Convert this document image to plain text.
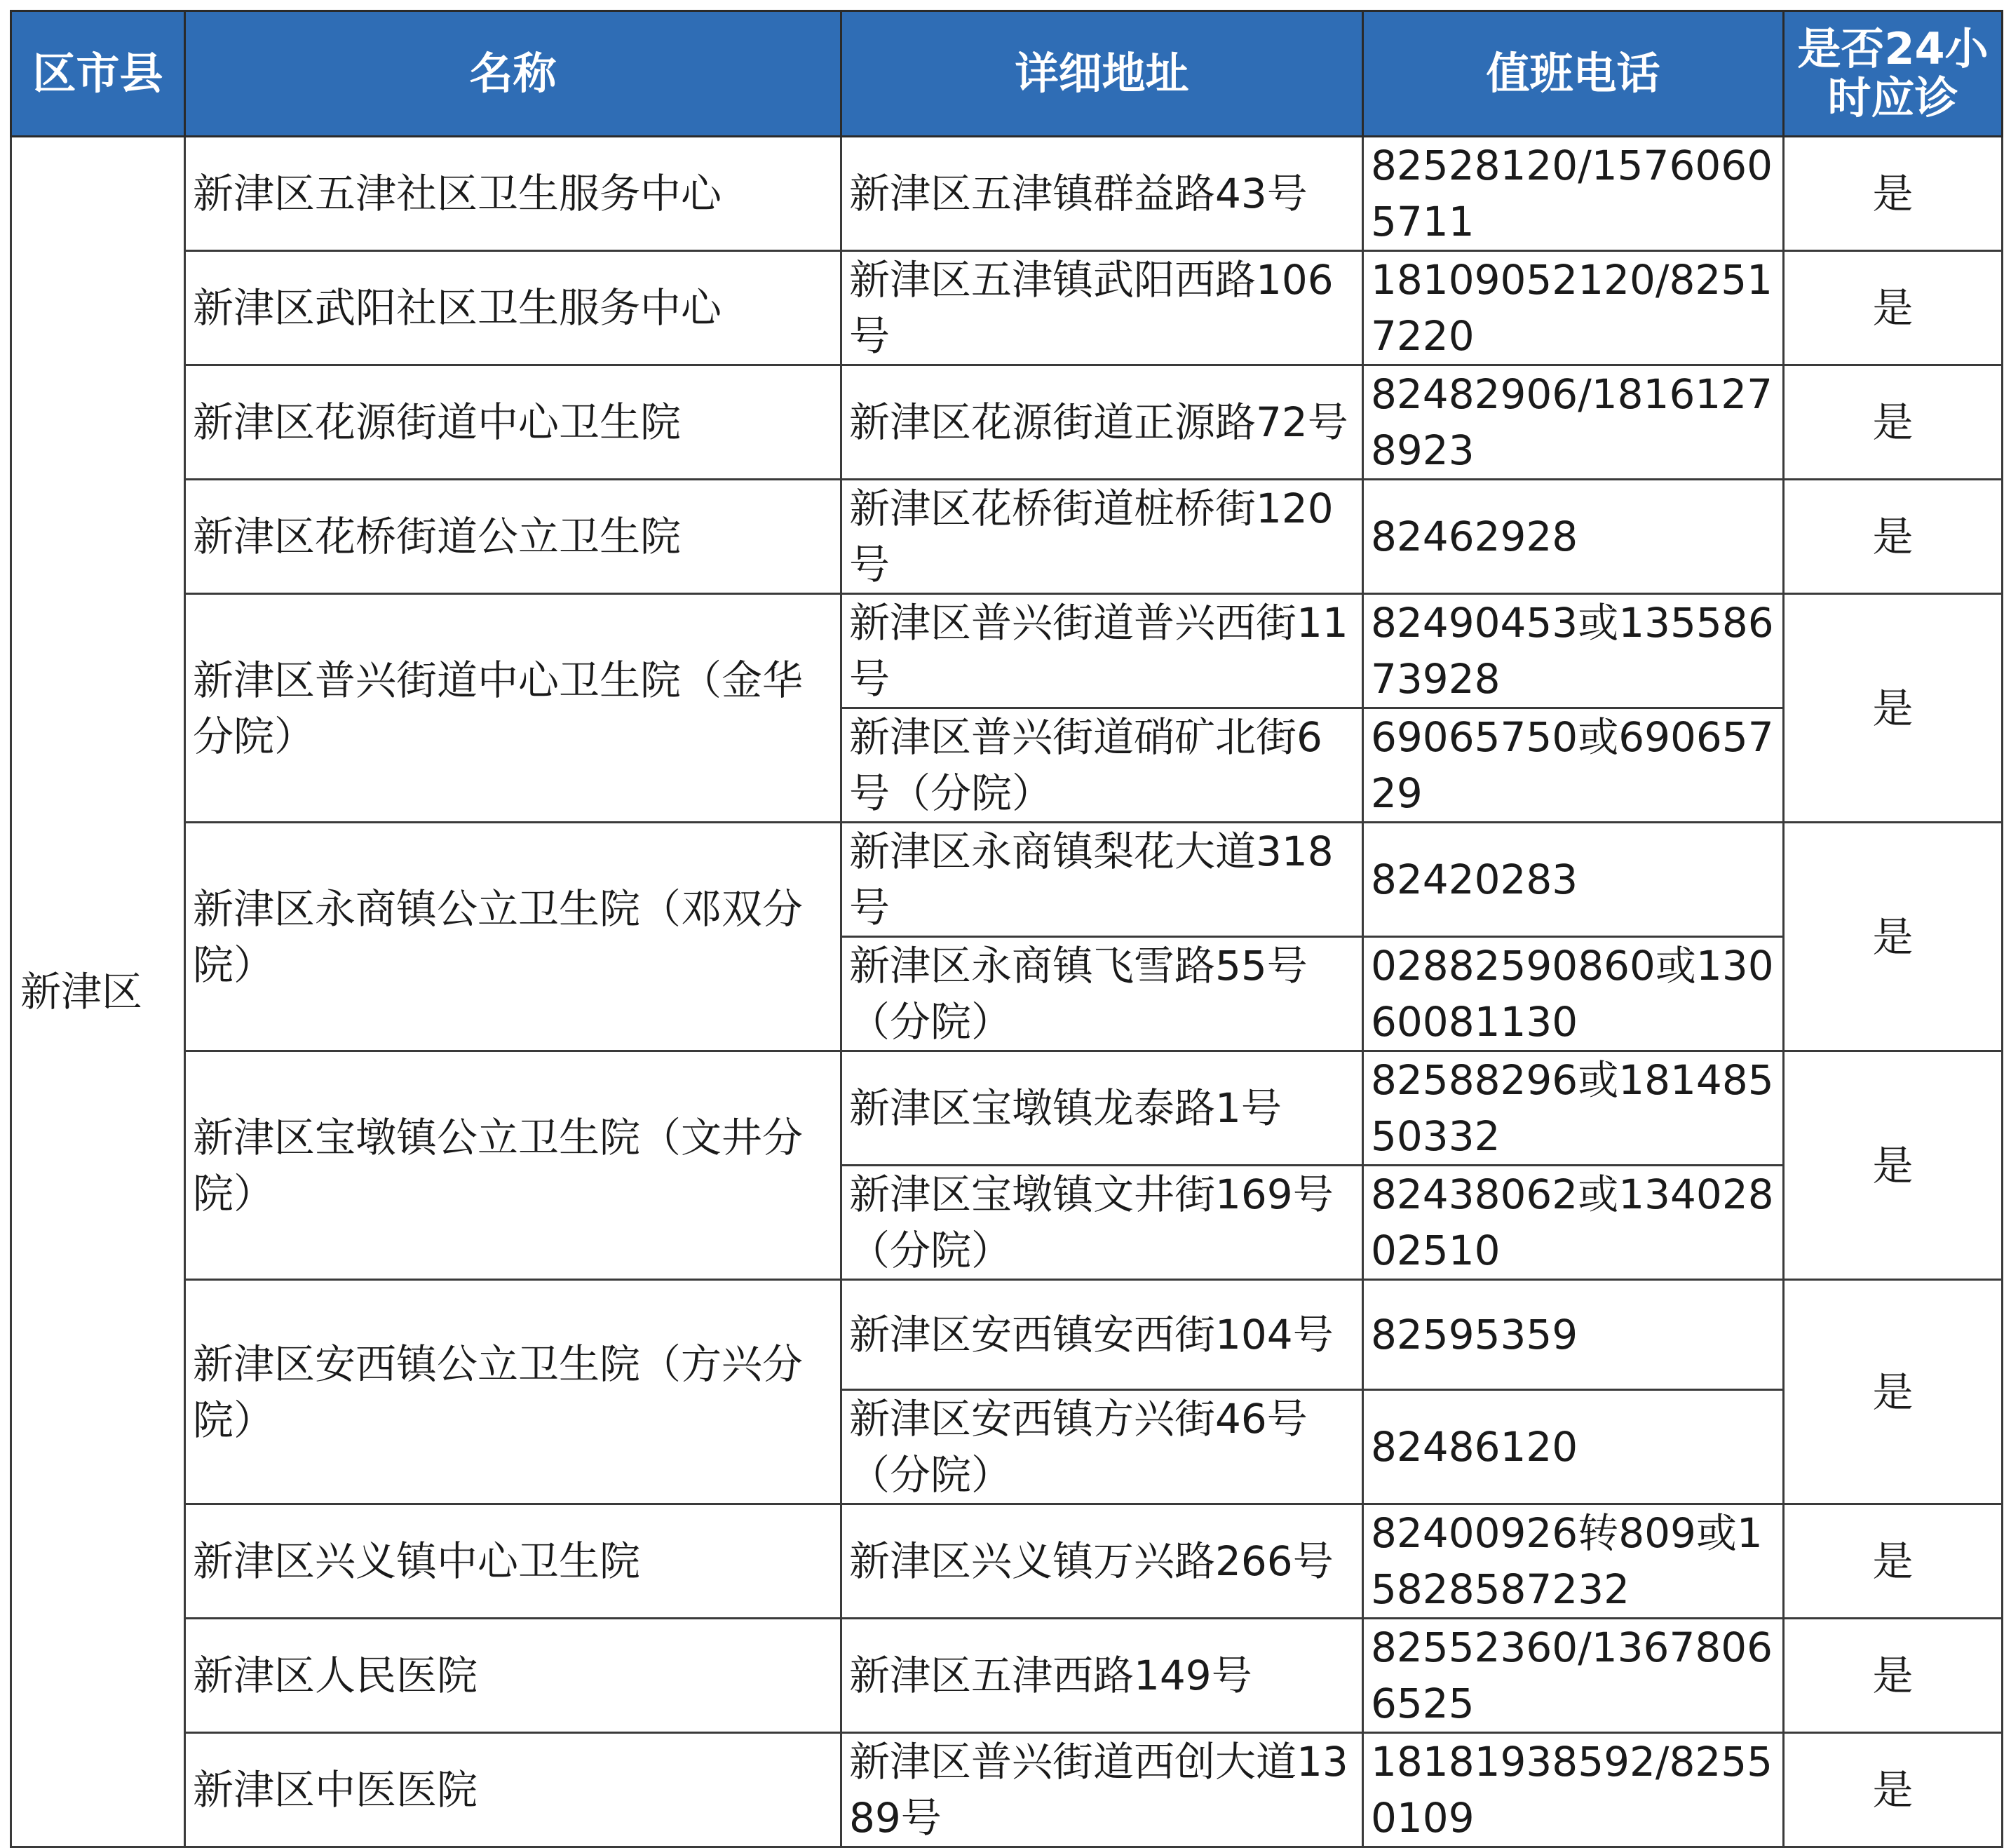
区市县	名称	详细地址	值班电话	是否24小时应诊
新津区	新津区五津社区卫生服务中心	新津区五津镇群益路43号	82528120/15760605711	是
	新津区武阳社区卫生服务中心	新津区五津镇武阳西路106号	18109052120/82517220	是
	新津区花源街道中心卫生院	新津区花源街道正源路72号	82482906/18161278923	是
	新津区花桥街道公立卫生院	新津区花桥街道桩桥街120号	82462928	是
	新津区普兴街道中心卫生院（金华分院）	新津区普兴街道普兴西街11号	82490453或13558673928	是
		新津区普兴街道硝矿北街6号（分院）	69065750或69065729	
	新津区永商镇公立卫生院（邓双分院）	新津区永商镇梨花大道318号	82420283	是
		新津区永商镇飞雪路55号（分院）	02882590860或13060081130	
	新津区宝墩镇公立卫生院（文井分院）	新津区宝墩镇龙泰路1号	82588296或18148550332	是
		新津区宝墩镇文井街169号（分院）	82438062或13402802510	
	新津区安西镇公立卫生院（方兴分院）	新津区安西镇安西街104号	82595359	是
		新津区安西镇方兴街46号（分院）	82486120	
	新津区兴义镇中心卫生院	新津区兴义镇万兴路266号	82400926转809或15828587232	是
	新津区人民医院	新津区五津西路149号	82552360/13678066525	是
	新津区中医医院	新津区普兴街道西创大道1389号	18181938592/82550109	是
